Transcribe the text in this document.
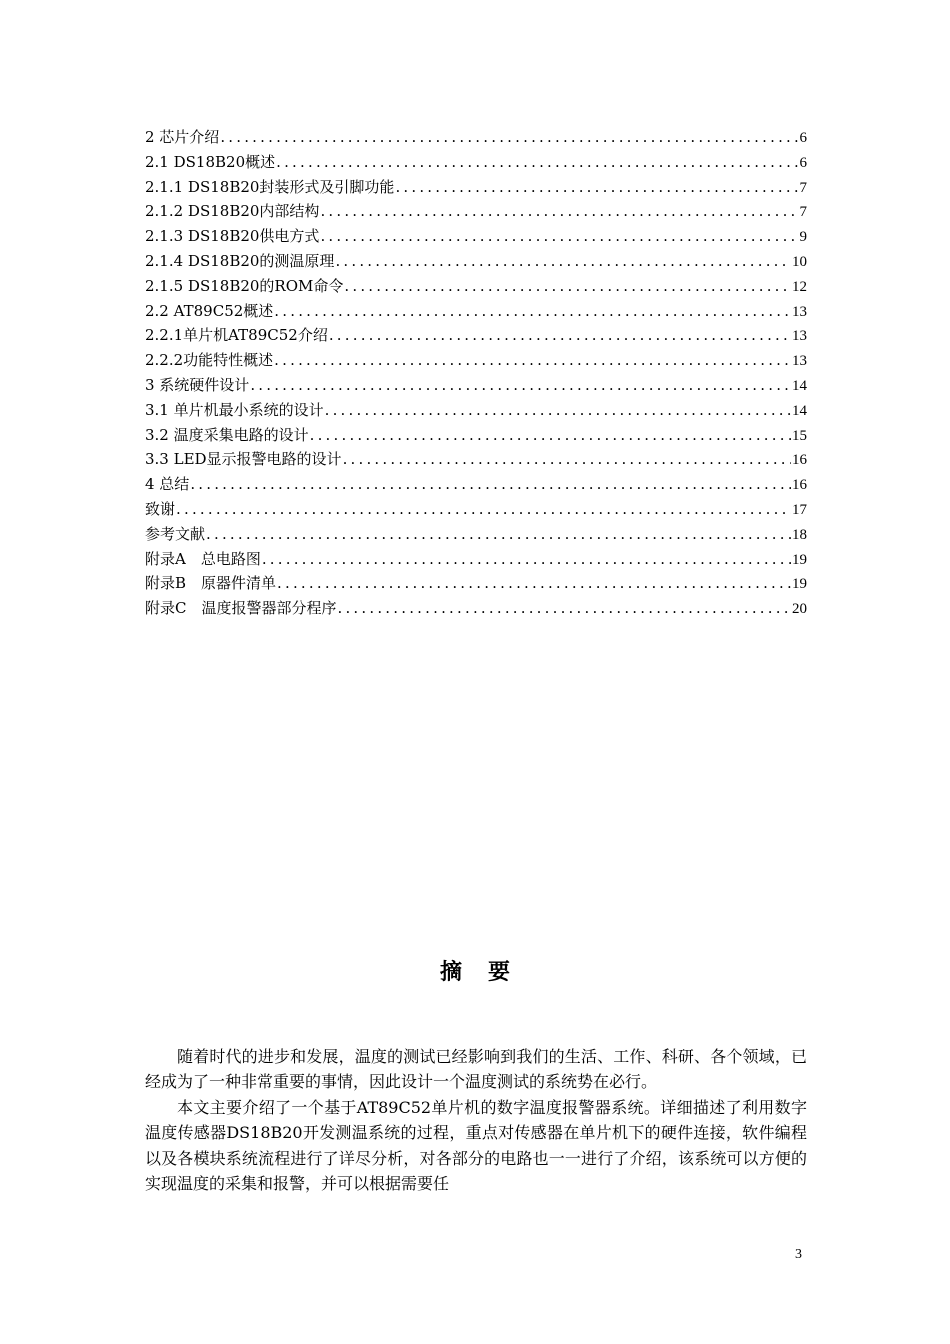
2 芯片介绍 .....	6
2.1 DS18B20概述 .....	6
2.1.1 DS18B20封装形式及引脚功能 .....	7
2.1.2 DS18B20内部结构 .....	7
2.1.3 DS18B20供电方式 .....	9
2.1.4 DS18B20的测温原理 .....	10
2.1.5 DS18B20的ROM命令 .....	12
2.2 AT89C52概述 .....	13
2.2.1单片机AT89C52介绍 .....	13
2.2.2功能特性概述 .....	13
3 系统硬件设计 .....	14
3.1 单片机最小系统的设计 .....	14
3.2 温度采集电路的设计 .....	15
3.3 LED显示报警电路的设计 .....	16
4 总结 .....	16
致谢 .....	17
参考文献 .....	18
附录A　总电路图 .....	19
附录B　原器件清单 .....	19
附录C　温度报警器部分程序 .....	20
摘要

随着时代的进步和发展，温度的测试已经影响到我们的生活、工作、科研、各个领域，已经成为了一种非常重要的事情，因此设计一个温度测试的系统势在必行。

本文主要介绍了一个基于AT89C52单片机的数字温度报警器系统。详细描述了利用数字温度传感器DS18B20开发测温系统的过程，重点对传感器在单片机下的硬件连接，软件编程以及各模块系统流程进行了详尽分析，对各部分的电路也一一进行了介绍，该系统可以方便的实现温度的采集和报警，并可以根据需要任

3
